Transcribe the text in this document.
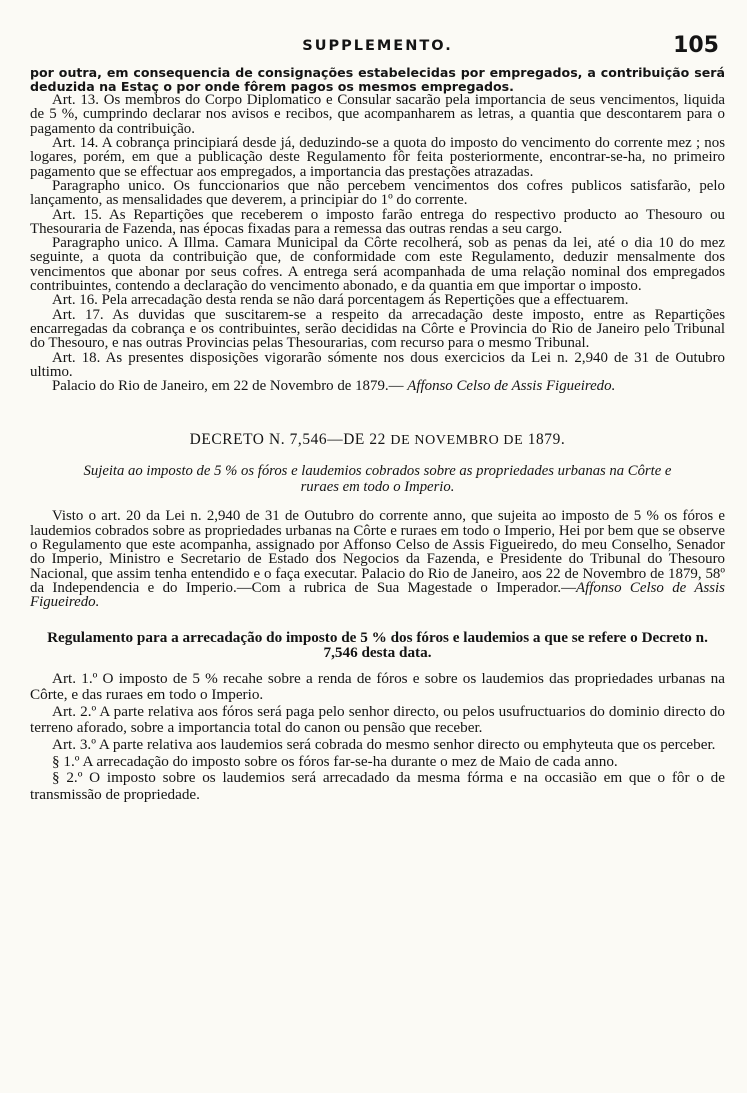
SUPPLEMENTO.	105

por outra, em consequencia de consignações estabelecidas por empregados, a contribuição será deduzida na Estaç o por onde fôrem pagos os mesmos empregados.

Art. 13. Os membros do Corpo Diplomatico e Consular sacarão pela importancia de seus vencimentos, liquida de 5 %, cumprindo declarar nos avisos e recibos, que acompanharem as letras, a quantia que descontarem para o pagamento da contribuição.

Art. 14. A cobrança principiará desde já, deduzindo-se a quota do imposto do vencimento do corrente mez ; nos logares, porém, em que a publicação deste Regulamento fôr feita posteriormente, encontrar-se-ha, no primeiro pagamento que se effectuar aos empregados, a importancia das prestações atrazadas.

Paragrapho unico. Os funccionarios que não percebem vencimentos dos cofres publicos satisfarão, pelo lançamento, as mensalidades que deverem, a principiar do 1º do corrente.

Art. 15. As Repartições que receberem o imposto farão entrega do respectivo producto ao Thesouro ou Thesouraria de Fazenda, nas épocas fixadas para a remessa das outras rendas a seu cargo.

Paragrapho unico. A Illma. Camara Municipal da Côrte recolherá, sob as penas da lei, até o dia 10 do mez seguinte, a quota da contribuição que, de conformidade com este Regulamento, deduzir mensalmente dos vencimentos que abonar por seus cofres. A entrega será acompanhada de uma relação nominal dos empregados contribuintes, contendo a declaração do vencimento abonado, e da quantia em que importar o imposto.

Art. 16. Pela arrecadação desta renda se não dará porcentagem ás Repertições que a effectuarem.

Art. 17. As duvidas que suscitarem-se a respeito da arrecadação deste imposto, entre as Repartições encarregadas da cobrança e os contribuintes, serão decididas na Côrte e Provincia do Rio de Janeiro pelo Tribunal do Thesouro, e nas outras Provincias pelas Thesourarias, com recurso para o mesmo Tribunal.

Art. 18. As presentes disposições vigorarão sómente nos dous exercicios da Lei n. 2,940 de 31 de Outubro ultimo.

Palacio do Rio de Janeiro, em 22 de Novembro de 1879.— Affonso Celso de Assis Figueiredo.

DECRETO N. 7,546—DE 22 DE NOVEMBRO DE 1879.
Sujeita ao imposto de 5 % os fóros e laudemios cobrados sobre as propriedades urbanas na Côrte e ruraes em todo o Imperio.

Visto o art. 20 da Lei n. 2,940 de 31 de Outubro do corrente anno, que sujeita ao imposto de 5 % os fóros e laudemios cobrados sobre as propriedades urbanas na Côrte e ruraes em todo o Imperio, Hei por bem que se observe o Regulamento que este acompanha, assignado por Affonso Celso de Assis Figueiredo, do meu Conselho, Senador do Imperio, Ministro e Secretario de Estado dos Negocios da Fazenda, e Presidente do Tribunal do Thesouro Nacional, que assim tenha entendido e o faça executar. Palacio do Rio de Janeiro, aos 22 de Novembro de 1879, 58º da Independencia e do Imperio.—Com a rubrica de Sua Magestade o Imperador.—Affonso Celso de Assis Figueiredo.

Regulamento para a arrecadação do imposto de 5 % dos fóros e laudemios a que se refere o Decreto n. 7,546 desta data.

Art. 1.º O imposto de 5 % recahe sobre a renda de fóros e sobre os laudemios das propriedades urbanas na Côrte, e das ruraes em todo o Imperio.

Art. 2.º A parte relativa aos fóros será paga pelo senhor directo, ou pelos usufructuarios do dominio directo do terreno aforado, sobre a importancia total do canon ou pensão que receber.

Art. 3.º A parte relativa aos laudemios será cobrada do mesmo senhor directo ou emphyteuta que os perceber.

§ 1.º A arrecadação do imposto sobre os fóros far-se-ha durante o mez de Maio de cada anno.

§ 2.º O imposto sobre os laudemios será arrecadado da mesma fórma e na occasião em que o fôr o de transmissão de propriedade.
